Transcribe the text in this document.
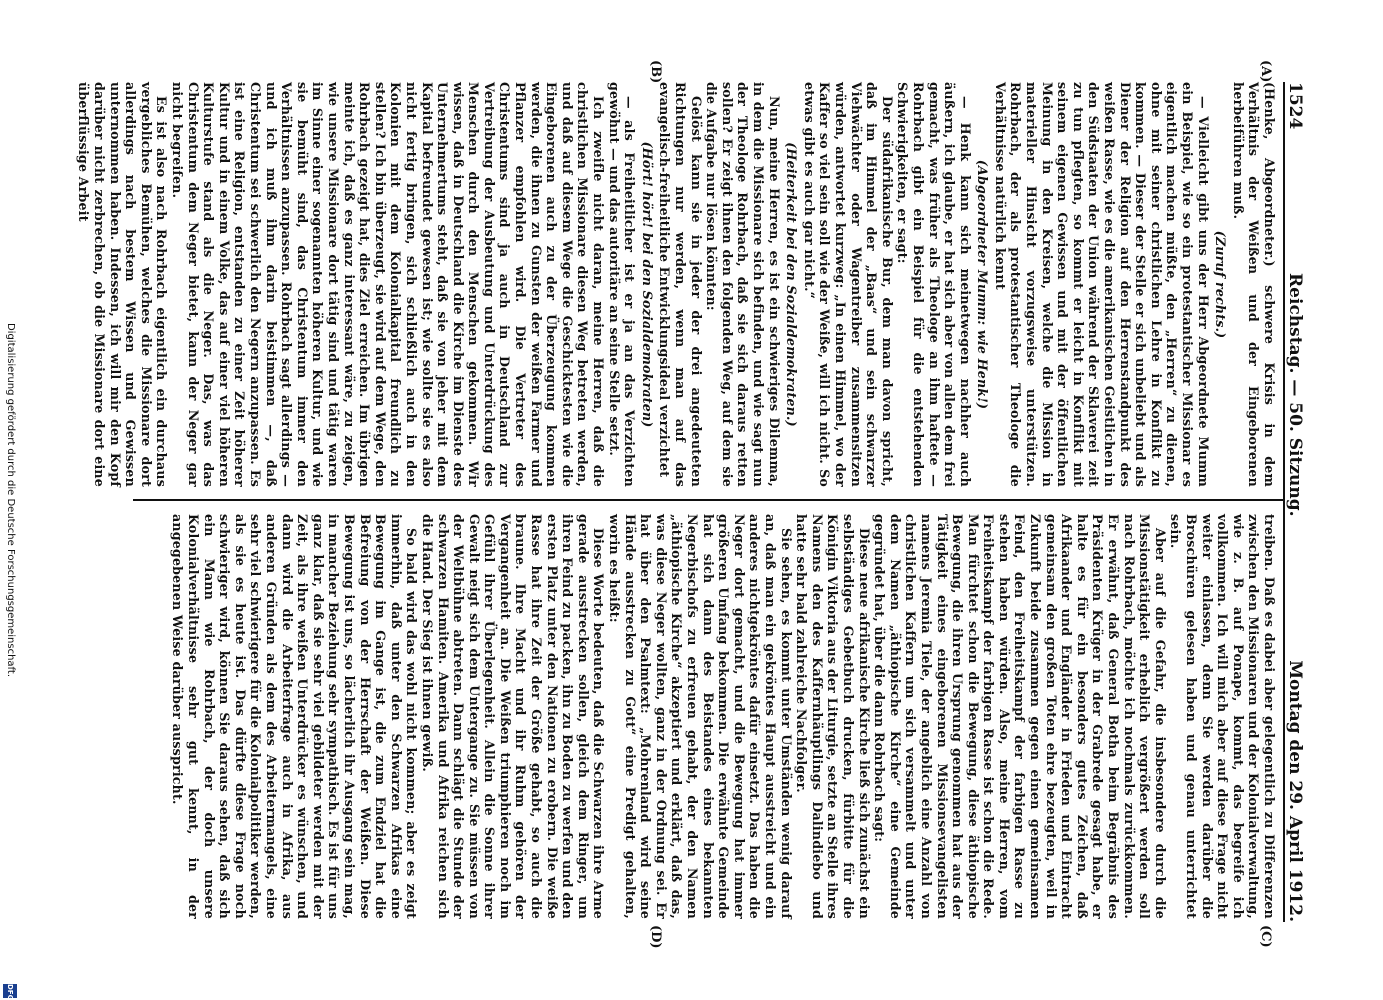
1524
Reichstag. — 50. Sitzung.
Montag den 29. April 1912.
(A)
(B)
(C)
(D)

(Henke, Abgeordneter.) schwere Krisis in dem Verhältnis der Weißen und der Eingeborenen herbeiführen muß.

(Zuruf rechts.)

— Vielleicht gibt uns der Herr Abgeordnete Mumm ein Beispiel, wie so ein protestantischer Missionar es eigentlich machen müßte, den „Herren“ zu dienen, ohne mit seiner christlichen Lehre in Konflikt zu kommen. — Dieser der Stelle er sich unbeliebt und als Diener der Religion auf den Herrenstandpunkt des weißen Rasse, wie es die amerikanischen Geistlichen in den Südstaaten der Union während der Sklaverei zeit zu tun pflegten, so kommt er leicht in Konflikt mit seinem eigenen Gewissen und mit der öffentlichen Meinung in den Kreisen, welche die Mission in materieller Hinsicht vorzugsweise unterstützen. Rohrbach, der als protestantischer Theologe die Verhältnisse natürlich kennt

(Abgeordneter Mumm: wie Henk!)

— Henk kann sich meinetwegen nachher auch äußern, ich glaube, er hat sich aber von allen dem frei gemacht, was früher als Theologe an ihm haftete — Rohrbach gibt ein Beispiel für die entstehenden Schwierigkeiten, er sagt:

Der südafrikanische Bur, dem man davon spricht, daß im Himmel der „Baas“ und sein schwarzer Viehwächter oder Wagentreiber zusammensitzen würden, antwortet kurzweg: „In einen Himmel, wo der Kaffer so viel sein soll wie der Weiße, will ich nicht. So etwas gibt es auch gar nicht.“

(Heiterkeit bei den Sozialdemokraten.)

Nun, meine Herren, es ist ein schwieriges Dilemma, in dem die Missionare sich befinden, und wie sagt nun der Theologe Rohrbach, daß sie sich daraus retten sollen? Er zeigt ihnen den folgenden Weg, auf dem sie die Aufgabe nur lösen könnten:

Gelöst kann sie in jeder der drei angedeuteten Richtungen nur werden, wenn man auf das evangelisch-freiheitliche Entwicklungsideal verzichtet

(Hört! hört! bei den Sozialdemokraten)

— als Freiheitlicher ist er ja an das Verzichten gewöhnt — und das autoritäre an seine Stelle setzt.

Ich zweifle nicht daran, meine Herren, daß die christlichen Missionare diesen Weg betreten werden, und daß auf diesem Wege die Geschicktesten wie die Eingeborenen auch zu der Überzeugung kommen werden, die ihnen zu Gunsten der weißen Farmer und Pflanzer empfohlen wird. Die Vertreter des Christentums sind ja auch in Deutschland zur Vertreibung der Ausbeutung und Unterdrückung des Menschen durch den Menschen gekommen. Wir wissen, daß in Deutschland die Kirche im Dienste des Unternehmertums steht, daß sie von jeher mit dem Kapital befreundet gewesen ist; wie sollte sie es also nicht fertig bringen, sich schließlich auch in den Kolonien mit dem Kolonialkapital freundlich zu stellen? Ich bin überzeugt, sie wird auf dem Wege, den Rohrbach gezeigt hat, dies Ziel erreichen. Im übrigen meinte ich, daß es ganz interessant wäre, zu zeigen, wie unsere Missionare dort tätig sind und tätig waren im Sinne einer sogenannten höheren Kultur, und wie sie bemüht sind, das Christentum immer den Verhältnissen anzupassen. Rohrbach sagt allerdings — und ich muß ihm darin beistimmen —, daß Christentum sei schwerlich den Negern anzupassen. Es ist eine Religion, entstanden zu einer Zeit höherer Kultur und in einem Volke, das auf einer viel höheren Kulturstufe stand als die Neger. Das, was das Christentum dem Neger bietet, kann der Neger gar nicht begreifen.

Es ist also nach Rohrbach eigentlich ein durchaus vergebliches Bemühen, welches die Missionare dort allerdings nach bestem Wissen und Gewissen unternommen haben. Indessen, ich will mir den Kopf darüber nicht zerbrechen, ob die Missionare dort eine überflüssige Arbeit

treiben. Daß es dabei aber gelegentlich zu Differenzen zwischen den Missionaren und der Kolonialverwaltung, wie z. B. auf Ponape, kommt, das begreife ich vollkommen. Ich will mich aber auf diese Frage nicht weiter einlassen, denn Sie werden darüber die Broschüren gelesen haben und genau unterrichtet sein.

Aber auf die Gefahr, die insbesondere durch die Missionstätigkeit erheblich vergrößert werden soll nach Rohrbach, möchte ich nochmals zurückkommen. Er erwähnt, daß General Botha beim Begräbnis des Präsidenten Krüger in der Grabrede gesagt habe, er halte es für ein besonders gutes Zeichen, daß Afrikaander und Engländer in Frieden und Eintracht gemeinsam den großen Toten ehre bezeugten, weil in Zukunft beide zusammen gegen einen gemeinsamen Feind, den Freiheitskampf der farbigen Rasse zu stehen haben würden. Also, meine Herren, vom Freiheitskampf der farbigen Rasse ist schon die Rede. Man fürchtet schon die Bewegung, diese äthiopische Bewegung, die ihren Ursprung genommen hat aus der Tätigkeit eines eingeborenen Missionsevangelisten namens Jeremia Tiele, der angeblich eine Anzahl von christlichen Kaffern um sich versammelt und unter dem Namen „äthiopische Kirche“ eine Gemeinde gegründet hat, über die dann Rohrbach sagt:

Diese neue afrikanische Kirche ließ sich zunächst ein selbständiges Gebetbuch drucken, fürbitte für die Königin Viktoria aus der Liturgie, setzte an Stelle ihres Namens den des Kaffernhäuptlings Dalindiebo und hatte sehr bald zahlreiche Nachfolger.

Sie sehen, es kommt unter Umständen wenig darauf an, daß man ein gekröntes Haupt ausstreicht und ein anderes nichtgekröntes dafür einsetzt. Das haben die Neger dort gemacht, und die Bewegung hat immer größeren Umfang bekommen. Die erwähnte Gemeinde hat sich dann des Beistandes eines bekannten Negerbischofs zu erfreuen gehabt, der den Namen „äthiopische Kirche“ akzeptiert und erklärt, daß das, was diese Neger wollten, ganz in der Ordnung sei. Er hat über den Psalmtext: „Mohrenland wird seine Hände ausstrecken zu Gott“ eine Predigt gehalten, worin es heißt:

Diese Worte bedeuten, daß die Schwarzen ihre Arme gerade ausstrecken sollen, gleich dem Ringer, um ihren Feind zu packen, ihn zu Boden zu werfen und den ersten Platz unter den Nationen zu erobern. Die weiße Rasse hat ihre Zeit der Größe gehabt, so auch die braune. Ihre Macht und ihr Ruhm gehören der Vergangenheit an. Die Weißen triumphieren noch im Gefühl ihrer Überlegenheit. Allein die Sonne ihrer Gewalt neigt sich dem Untergange zu. Sie müssen von der Weltbühne abtreten. Dann schlägt die Stunde der schwarzen Hamiten. Amerika und Afrika reichen sich die Hand. Der Sieg ist ihnen gewiß.

So bald wird das wohl nicht kommen; aber es zeigt immerhin, daß unter den Schwarzen Afrikas eine Bewegung im Gange ist, die zum Endziel hat die Befreiung von der Herrschaft der Weißen. Diese Bewegung ist uns, so lächerlich ihr Ausgang sein mag, in mancher Beziehung sehr sympathisch. Es ist für uns ganz klar, daß sie sehr viel gebildeter werden mit der Zeit, als ihre weißen Unterdrücker es wünschen, und dann wird die Arbeiterfrage auch in Afrika, aus anderen Gründen als dem des Arbeitermangels, eine sehr viel schwierigere für die Kolonialpolitiker werden, als sie es heute ist. Das dürfte diese Frage noch schwieriger wird, können Sie daraus sehen, daß sich ein Mann wie Rohrbach, der doch unsere Kolonialverhältnisse sehr gut kennt, in der angegebenen Weise darüber ausspricht.

Digitalisierung gefördert durch die Deutsche Forschungsgemeinschaft.
DFG
